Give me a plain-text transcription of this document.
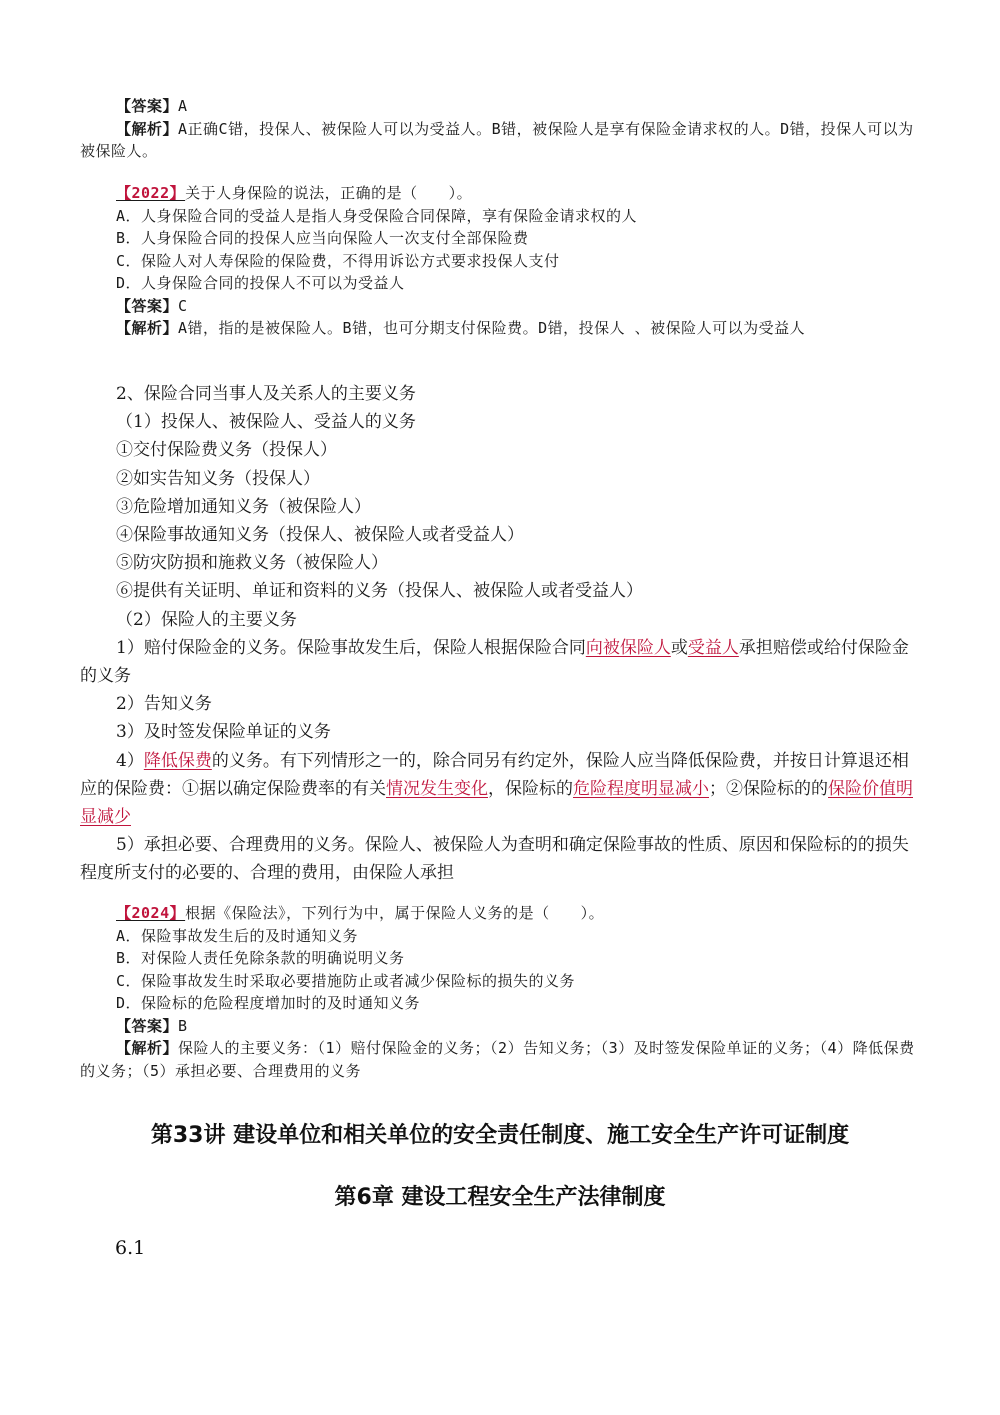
【答案】A

【解析】A正确C错，投保人、被保险人可以为受益人。B错，被保险人是享有保险金请求权的人。D错，投保人可以为被保险人。

【2022】关于人身保险的说法，正确的是（　　）。

A．人身保险合同的受益人是指人身受保险合同保障，享有保险金请求权的人

B．人身保险合同的投保人应当向保险人一次支付全部保险费

C．保险人对人寿保险的保险费，不得用诉讼方式要求投保人支付

D．人身保险合同的投保人不可以为受益人

【答案】C

【解析】A错，指的是被保险人。B错，也可分期支付保险费。D错，投保人 、被保险人可以为受益人

2、保险合同当事人及关系人的主要义务

（1）投保人、被保险人、受益人的义务

①交付保险费义务（投保人）

②如实告知义务（投保人）

③危险增加通知义务（被保险人）

④保险事故通知义务（投保人、被保险人或者受益人）

⑤防灾防损和施救义务（被保险人）

⑥提供有关证明、单证和资料的义务（投保人、被保险人或者受益人）

（2）保险人的主要义务

1）赔付保险金的义务。保险事故发生后，保险人根据保险合同向被保险人或受益人承担赔偿或给付保险金的义务

2）告知义务

3）及时签发保险单证的义务

4）降低保费的义务。有下列情形之一的，除合同另有约定外，保险人应当降低保险费，并按日计算退还相应的保险费：①据以确定保险费率的有关情况发生变化，保险标的危险程度明显减小；②保险标的的保险价值明显减少

5）承担必要、合理费用的义务。保险人、被保险人为查明和确定保险事故的性质、原因和保险标的的损失程度所支付的必要的、合理的费用，由保险人承担

【2024】根据《保险法》，下列行为中，属于保险人义务的是（　　）。

A．保险事故发生后的及时通知义务

B．对保险人责任免除条款的明确说明义务

C．保险事故发生时采取必要措施防止或者减少保险标的损失的义务

D．保险标的危险程度增加时的及时通知义务

【答案】B

【解析】保险人的主要义务：（1）赔付保险金的义务；（2）告知义务；（3）及时签发保险单证的义务；（4）降低保费的义务；（5）承担必要、合理费用的义务

第33讲 建设单位和相关单位的安全责任制度、施工安全生产许可证制度
第6章 建设工程安全生产法律制度
6.1
